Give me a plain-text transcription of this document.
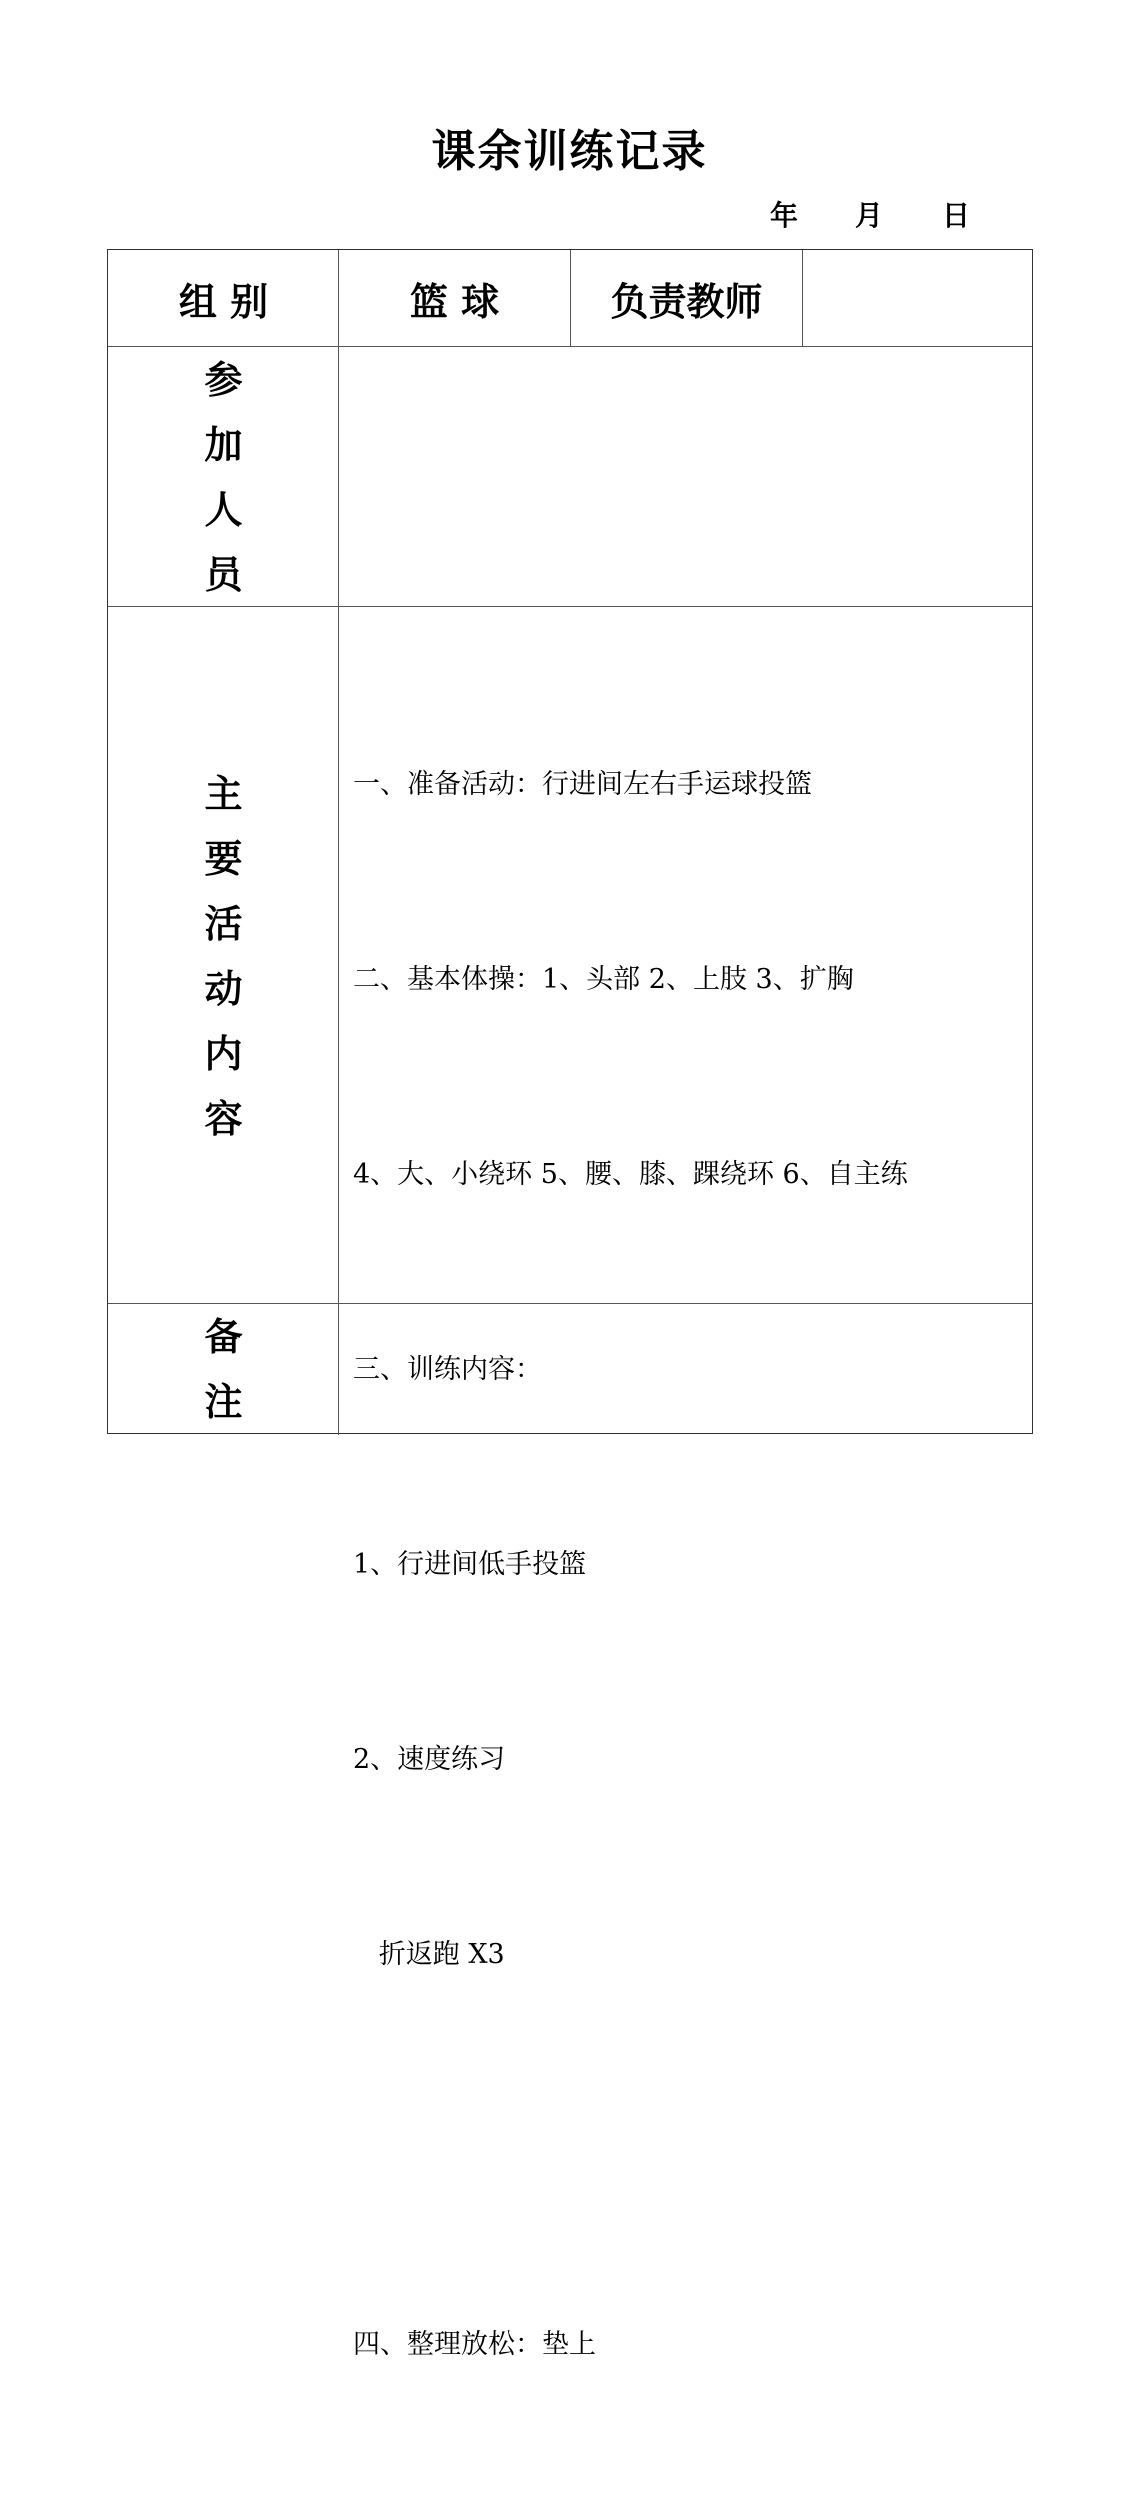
课余训练记录
年 月 日
组 别	篮 球	负责教师
参
加
人
员
主
要
活
动
内
容

一、准备活动：行进间左右手运球投篮

二、基本体操：1、头部 2、上肢 3、扩胸

4、大、小绕环 5、腰、膝、踝绕环 6、自主练

三、训练内容：

1、行进间低手投篮

2、速度练习

折返跑 X3

四、整理放松：垫上

备
注
